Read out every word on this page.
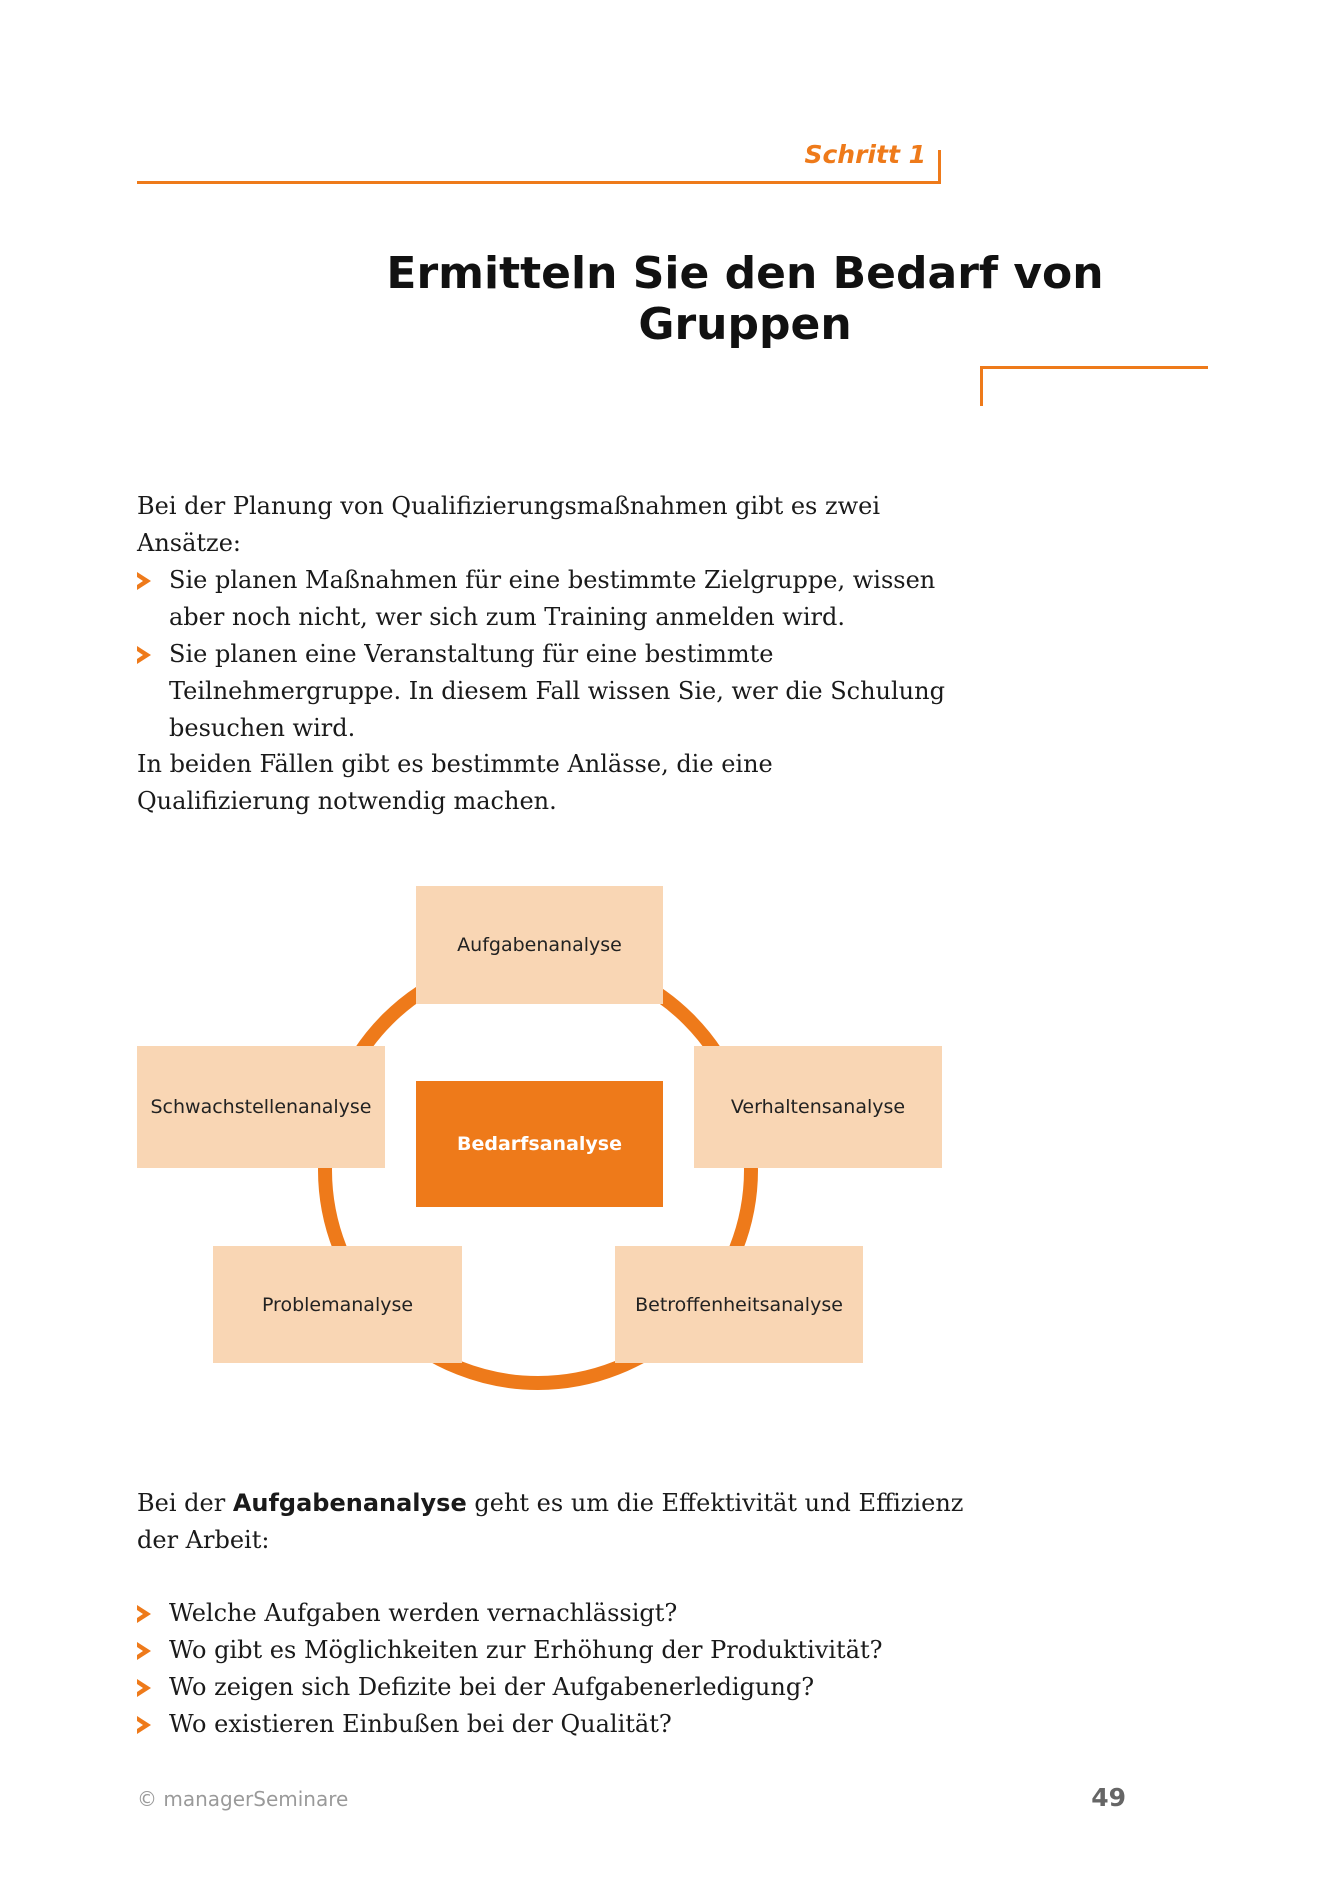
Schritt 1
Ermitteln Sie den Bedarf von Gruppen
Bei der Planung von Qualifizierungsmaßnahmen gibt es zwei Ansätze:
Sie planen Maßnahmen für eine bestimmte Zielgruppe, wissen aber noch nicht, wer sich zum Training anmelden wird.
Sie planen eine Veranstaltung für eine bestimmte Teilnehmergruppe. In diesem Fall wissen Sie, wer die Schulung besuchen wird.
In beiden Fällen gibt es bestimmte Anlässe, die eine Qualifizierung notwendig machen.
Aufgabenanalyse
Verhaltensanalyse
Betroffenheitsanalyse
Problemanalyse
Schwachstellenanalyse
Bedarfsanalyse
Bei der Aufgabenanalyse geht es um die Effektivität und Effizienz der Arbeit:
Welche Aufgaben werden vernachlässigt?
Wo gibt es Möglichkeiten zur Erhöhung der Produktivität?
Wo zeigen sich Defizite bei der Aufgabenerledigung?
Wo existieren Einbußen bei der Qualität?
© managerSeminare	49
